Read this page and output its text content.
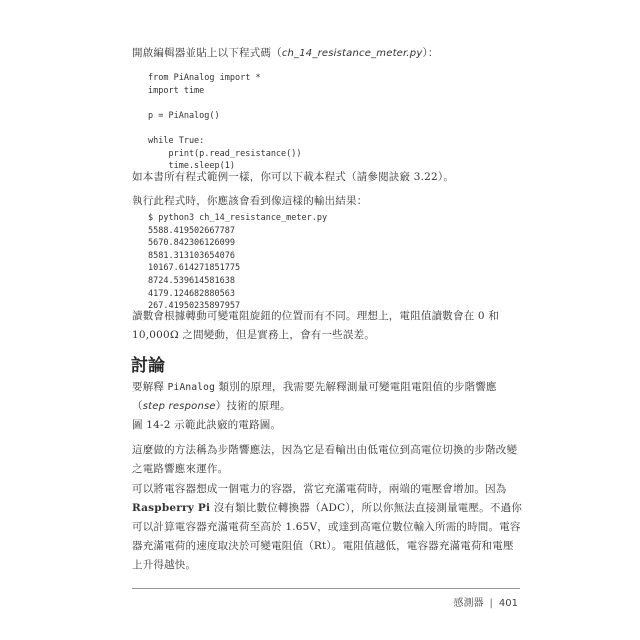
開啟編輯器並貼上以下程式碼（ch_14_resistance_meter.py）：

from PiAnalog import *
import time
p = PiAnalog()
while True:
print(p.read_resistance())
time.sleep(1)

如本書所有程式範例一樣，你可以下載本程式（請參閱訣竅 3.22）。

執行此程式時，你應該會看到像這樣的輸出結果：

$ python3 ch_14_resistance_meter.py
5588.419502667787
5670.842306126099
8581.313103654076
10167.614271851775
8724.539614581638
4179.124682880563
267.41950235897957

讀數會根據轉動可變電阻旋鈕的位置而有不同。理想上，電阻值讀數會在 0 和 10,000Ω 之間變動，但是實務上，會有一些誤差。

討論

要解釋 PiAnalog 類別的原理，我需要先解釋測量可變電阻電阻值的步階響應（step response）技術的原理。

圖 14-2 示範此訣竅的電路圖。

這麼做的方法稱為步階響應法，因為它是看輸出由低電位到高電位切換的步階改變之電路響應來運作。

可以將電容器想成一個電力的容器，當它充滿電荷時，兩端的電壓會增加。因為 Raspberry Pi 沒有類比數位轉換器（ADC），所以你無法直接測量電壓。不過你可以計算電容器充滿電荷至高於 1.65V，或達到高電位數位輸入所需的時間。電容器充滿電荷的速度取決於可變電阻值（Rt）。電阻值越低，電容器充滿電荷和電壓上升得越快。

感測器 | 401
